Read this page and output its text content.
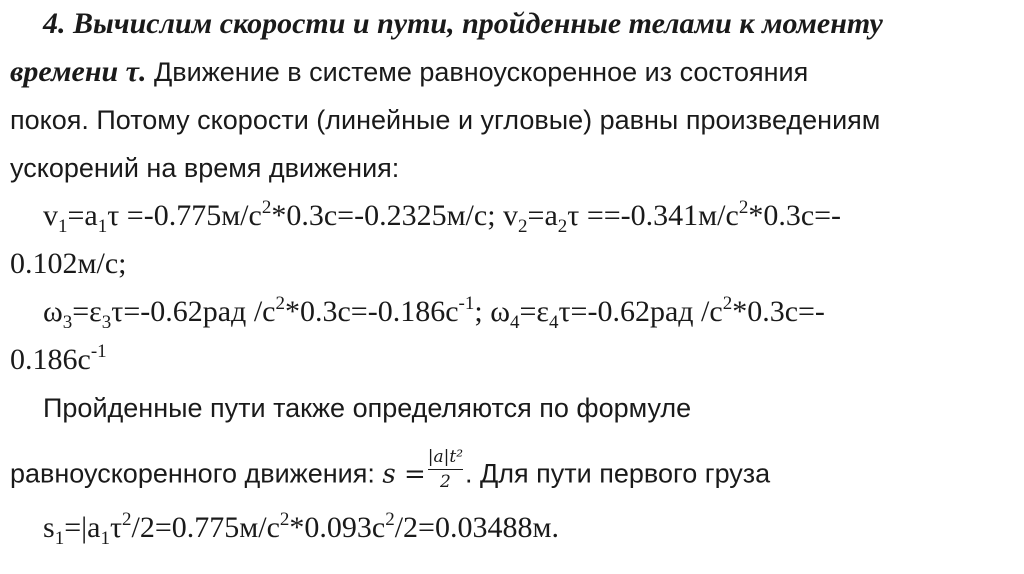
4. Вычислим скорости и пути, пройденные телами к моменту
времени τ. Движение в системе равноускоренное из состояния
покоя. Потому скорости (линейные и угловые) равны произведениям
ускорений на время движения:
$v_1=a_1\tau =-0.775м/с^2*0.3с=-0.2325м/с$; $v_2=a_2\tau ==-0.341м/с^2*0.3с=-$
0.102м/с;
$\omega_3=\varepsilon_3\tau=-0.62рад$ $/с^2*0.3с=-0.186с^{-1}$; $\omega_4=\varepsilon_4\tau=-0.62рад$ $/с^2*0.3с=-$
$0.186с^{-1}$
Пройденные пути также определяются по формуле
равноускоренного движения: $s = \frac{\text{|a|t²}}{2}$ . Для пути первого груза
$s_1=|a_1\tau^2/2=0.775м/с^2*0.093с^2/2=0.03488м$.
